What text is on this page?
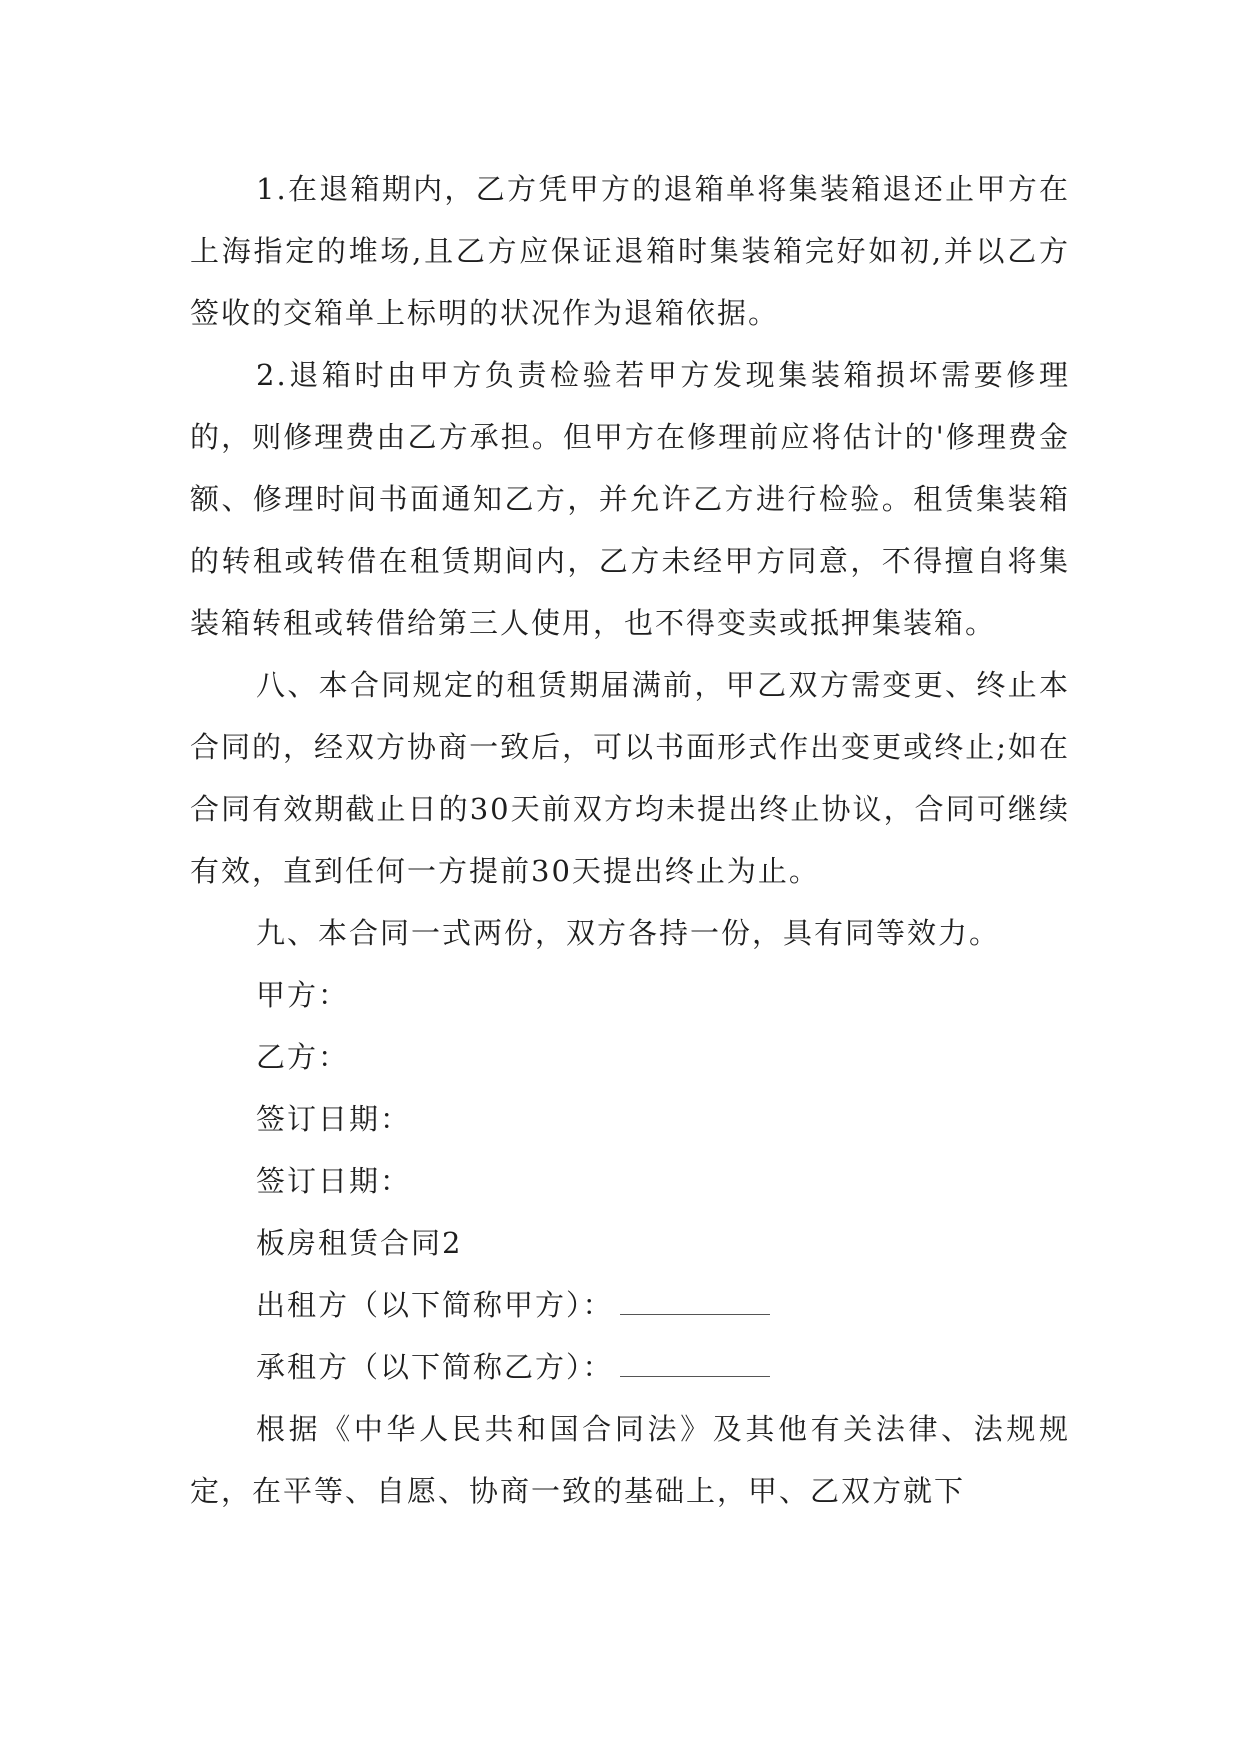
1.在退箱期内，乙方凭甲方的退箱单将集装箱退还止甲方在上海指定的堆场,且乙方应保证退箱时集装箱完好如初,并以乙方签收的交箱单上标明的状况作为退箱依据。

2.退箱时由甲方负责检验若甲方发现集装箱损坏需要修理的，则修理费由乙方承担。但甲方在修理前应将估计的'修理费金额、修理时间书面通知乙方，并允许乙方进行检验。租赁集装箱的转租或转借在租赁期间内，乙方未经甲方同意，不得擅自将集装箱转租或转借给第三人使用，也不得变卖或抵押集装箱。

八、本合同规定的租赁期届满前，甲乙双方需变更、终止本合同的，经双方协商一致后，可以书面形式作出变更或终止;如在合同有效期截止日的30天前双方均未提出终止协议，合同可继续有效，直到任何一方提前30天提出终止为止。

九、本合同一式两份，双方各持一份，具有同等效力。

甲方：

乙方：

签订日期：

签订日期：

板房租赁合同2

出租方（以下简称甲方）：

承租方（以下简称乙方）：

根据《中华人民共和国合同法》及其他有关法律、法规规定，在平等、自愿、协商一致的基础上，甲、乙双方就下
